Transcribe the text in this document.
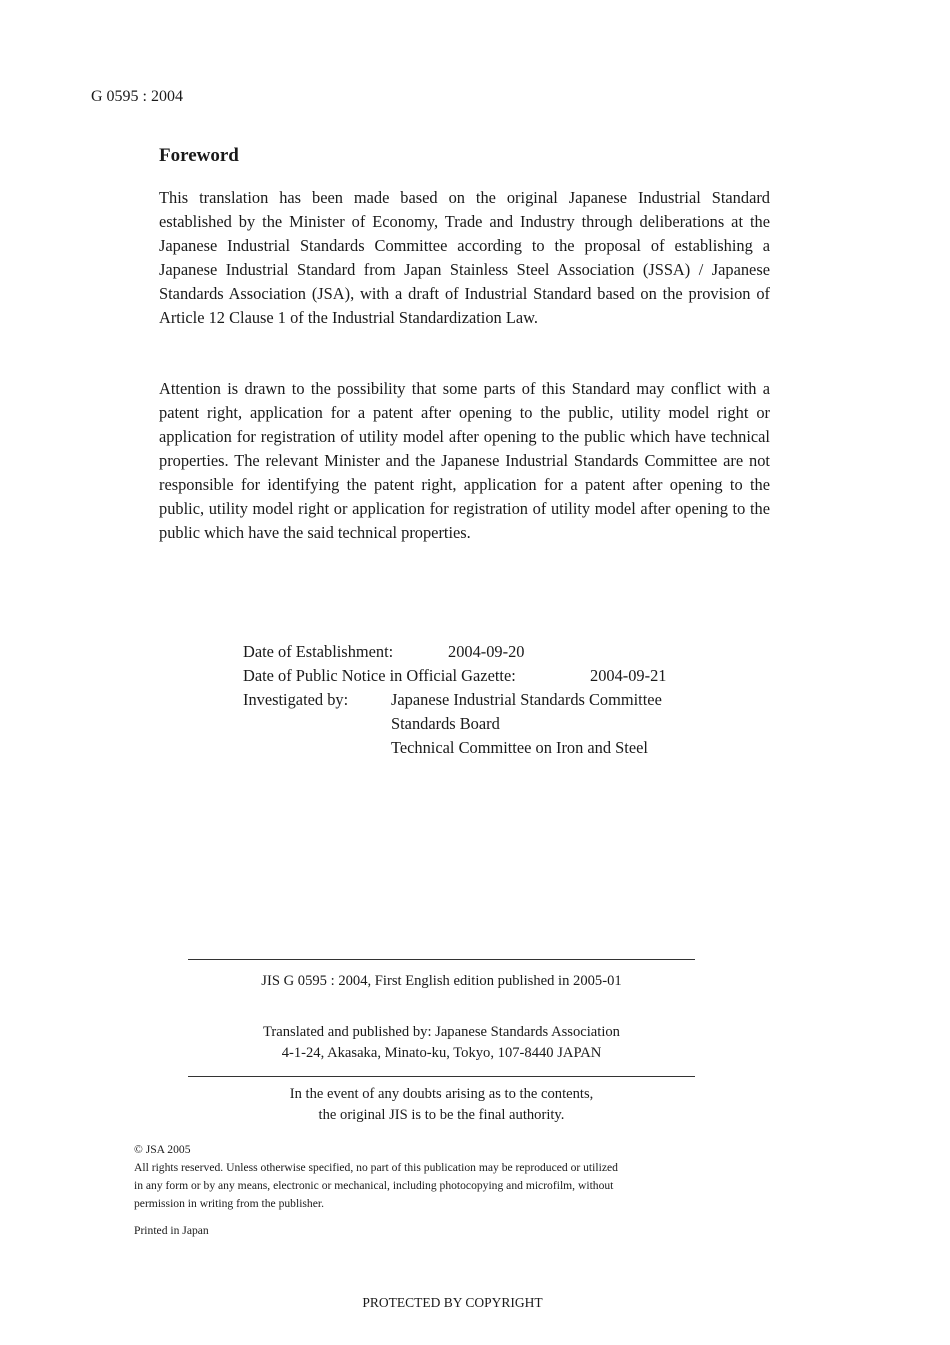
G 0595 : 2004
Foreword
This translation has been made based on the original Japanese Industrial Standard established by the Minister of Economy, Trade and Industry through deliberations at the Japanese Industrial Standards Committee according to the proposal of establishing a Japanese Industrial Standard from Japan Stainless Steel Association (JSSA) / Japanese Standards Association (JSA), with a draft of Industrial Standard based on the provision of Article 12 Clause 1 of the Industrial Standardization Law.
Attention is drawn to the possibility that some parts of this Standard may conflict with a patent right, application for a patent after opening to the public, utility model right or application for registration of utility model after opening to the public which have technical properties. The relevant Minister and the Japanese Industrial Standards Committee are not responsible for identifying the patent right, application for a patent after opening to the public, utility model right or application for registration of utility model after opening to the public which have the said technical properties.
Date of Establishment:	2004-09-20
Date of Public Notice in Official Gazette:	2004-09-21
Investigated by:	Japanese Industrial Standards Committee
Standards Board
Technical Committee on Iron and Steel
JIS G 0595 : 2004, First English edition published in 2005-01
Translated and published by: Japanese Standards Association
4-1-24, Akasaka, Minato-ku, Tokyo, 107-8440 JAPAN
In the event of any doubts arising as to the contents,
the original JIS is to be the final authority.
© JSA 2005
All rights reserved. Unless otherwise specified, no part of this publication may be reproduced or utilized
in any form or by any means, electronic or mechanical, including photocopying and microfilm, without
permission in writing from the publisher.
Printed in Japan
PROTECTED BY COPYRIGHT
